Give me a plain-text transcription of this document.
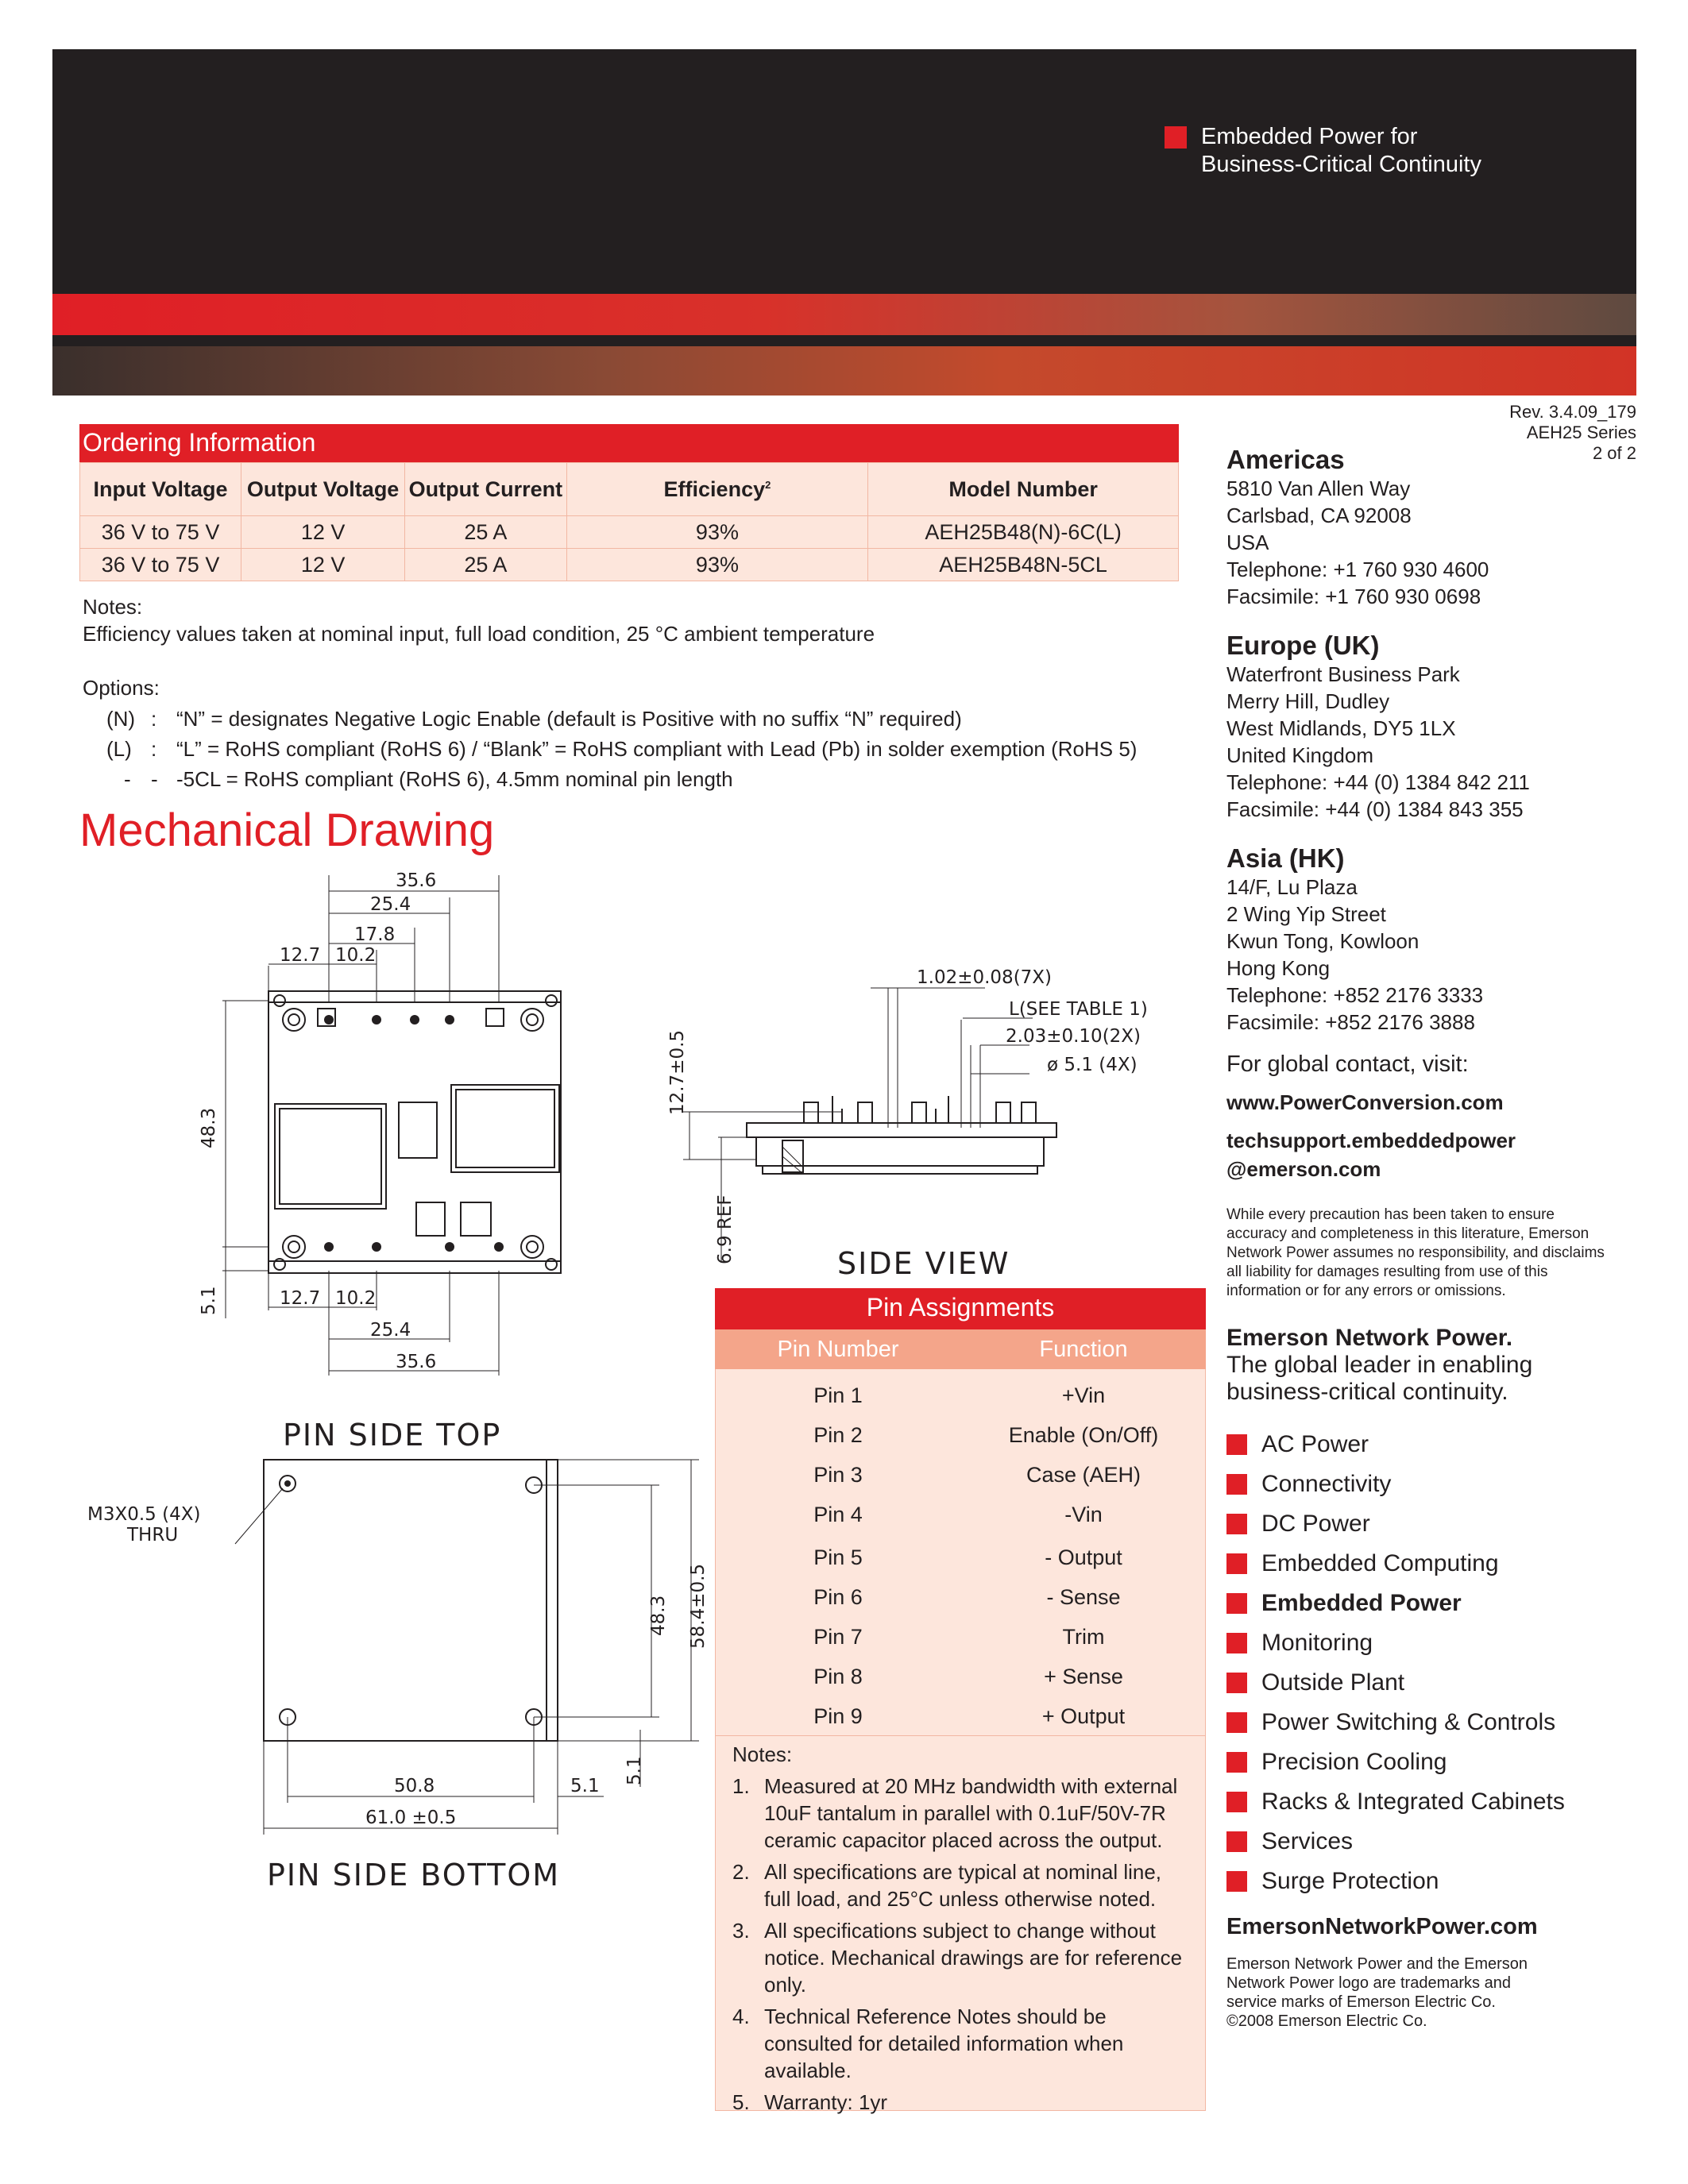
Embedded Power for
Business-Critical Continuity
Rev. 3.4.09_179
AEH25 Series
2 of 2
Ordering Information
Input Voltage	Output Voltage	Output Current	Efficiency$^2$	Model Number
36 V to 75 V	12 V	25 A	93%	AEH25B48(N)-6C(L)
36 V to 75 V	12 V	25 A	93%	AEH25B48N-5CL
Notes:
Efficiency values taken at nominal input, full load condition, 25 °C ambient temperature
Options:
(N) : “N” = designates Negative Logic Enable (default is Positive with no suffix “N” required)
(L) : “L” = RoHS compliant (RoHS 6) / “Blank” = RoHS compliant with Lead (Pb) in solder exemption (RoHS 5)
- - -5CL = RoHS compliant (RoHS 6), 4.5mm nominal pin length
Mechanical Drawing
35.6
25.4
17.8
12.7 10.2
48.3
5.1	12.7 10.2
25.4
35.6
1.02±0.08(7X)
L(SEE TABLE 1)
2.03±0.10(2X)
ø 5.1 (4X)
12.7±0.5
6.9 REF
M3X0.5 (4X)
THRU
48.3 58.4±0.5
5.1
5.1
50.8
61.0 ±0.5
PIN SIDE TOP
SIDE VIEW
PIN SIDE BOTTOM
Pin Assignments
Pin Number	Function
Pin 1	+Vin
Pin 2	Enable (On/Off)
Pin 3	Case (AEH)
Pin 4	-Vin
Pin 5	- Output
Pin 6	- Sense
Pin 7	Trim
Pin 8	+ Sense
Pin 9	+ Output
Notes:
1. Measured at 20 MHz bandwidth with external
10uF tantalum in parallel with 0.1uF/50V-7R
ceramic capacitor placed across the output.
2. All specifications are typical at nominal line,
full load, and 25°C unless otherwise noted.
3. All specifications subject to change without
notice. Mechanical drawings are for reference
only.
4. Technical Reference Notes should be
consulted for detailed information when
available.
5. Warranty: 1yr
Americas
5810 Van Allen Way
Carlsbad, CA 92008
USA
Telephone: +1 760 930 4600
Facsimile: +1 760 930 0698
Europe (UK)
Waterfront Business Park
Merry Hill, Dudley
West Midlands, DY5 1LX
United Kingdom
Telephone: +44 (0) 1384 842 211
Facsimile: +44 (0) 1384 843 355
Asia (HK)
14/F, Lu Plaza
2 Wing Yip Street
Kwun Tong, Kowloon
Hong Kong
Telephone: +852 2176 3333
Facsimile: +852 2176 3888
For global contact, visit:
www.PowerConversion.com
techsupport.embeddedpower
@emerson.com
While every precaution has been taken to ensure
accuracy and completeness in this literature, Emerson
Network Power assumes no responsibility, and disclaims
all liability for damages resulting from use of this
information or for any errors or omissions.
Emerson Network Power.
The global leader in enabling
business-critical continuity.
AC Power
Connectivity
DC Power
Embedded Computing
Embedded Power
Monitoring
Outside Plant
Power Switching & Controls
Precision Cooling
Racks & Integrated Cabinets
Services
Surge Protection
EmersonNetworkPower.com
Emerson Network Power and the Emerson
Network Power logo are trademarks and
service marks of Emerson Electric Co.
©2008 Emerson Electric Co.
